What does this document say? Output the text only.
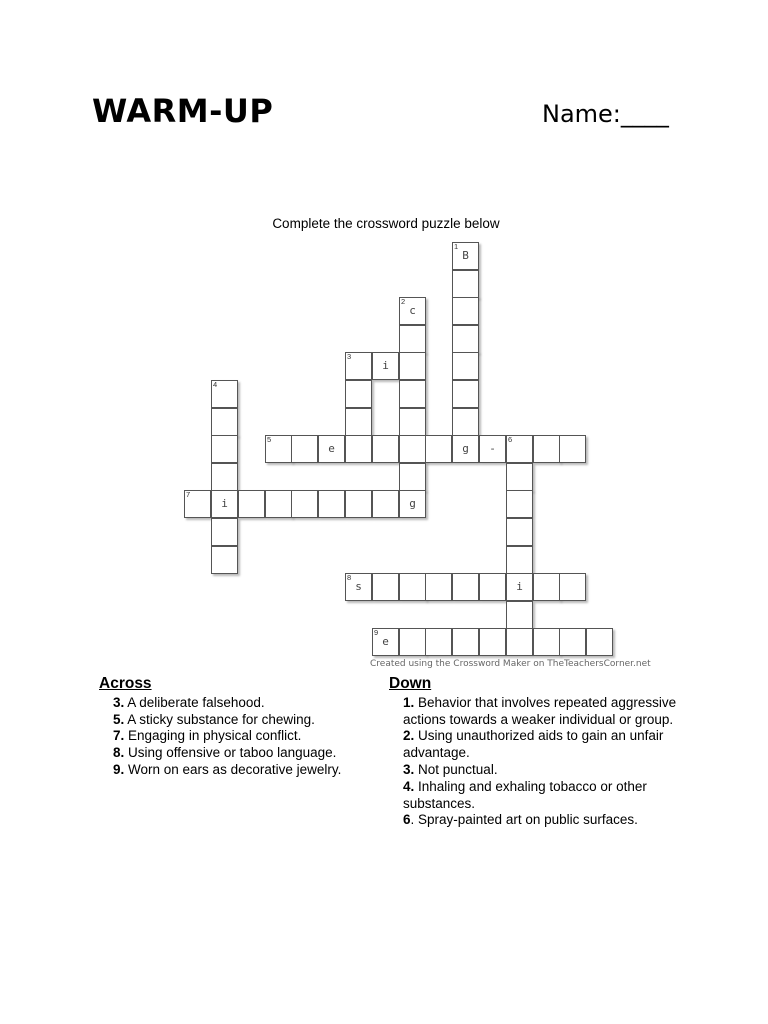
WARM-UP	Name:____
Complete the crossword puzzle below
1
B
2
c
3
i
4
5
e	g	-
6
7
i	g
8
s	i
9
e
Created using the Crossword Maker on TheTeachersCorner.net
Across
3. A deliberate falsehood.
5. A sticky substance for chewing.
7. Engaging in physical conflict.
8. Using offensive or taboo language.
9. Worn on ears as decorative jewelry.
Down
1. Behavior that involves repeated aggressive actions towards a weaker individual or group.
2. Using unauthorized aids to gain an unfair advantage.
3. Not punctual.
4. Inhaling and exhaling tobacco or other substances.
6. Spray-painted art on public surfaces.
